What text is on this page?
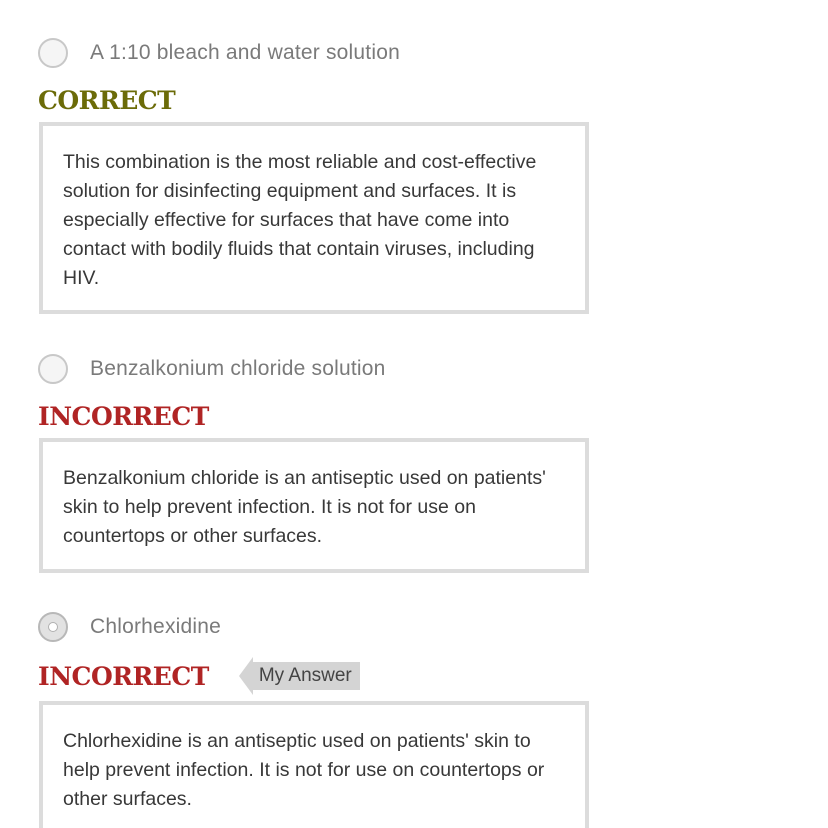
A 1:10 bleach and water solution
CORRECT

This combination is the most reliable and cost-effective solution for disinfecting equipment and surfaces. It is especially effective for surfaces that have come into contact with bodily fluids that contain viruses, including HIV.

Benzalkonium chloride solution
INCORRECT

Benzalkonium chloride is an antiseptic used on patients' skin to help prevent infection. It is not for use on countertops or other surfaces.

Chlorhexidine
INCORRECT	My Answer

Chlorhexidine is an antiseptic used on patients' skin to help prevent infection. It is not for use on countertops or other surfaces.
